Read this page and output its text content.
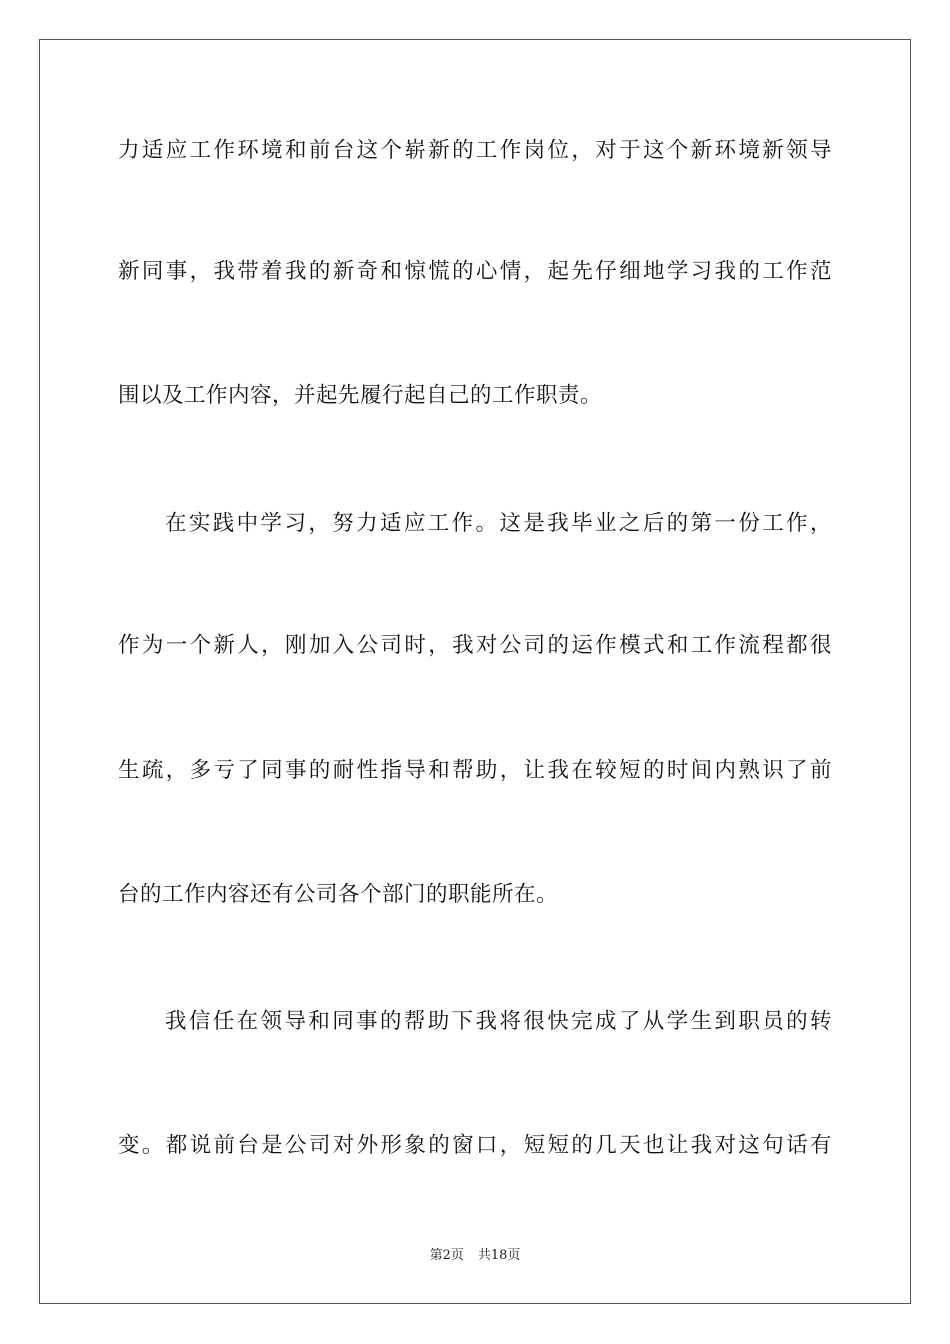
力适应工作环境和前台这个崭新的工作岗位，对于这个新环境新领导
新同事，我带着我的新奇和惊慌的心情，起先仔细地学习我的工作范
围以及工作内容，并起先履行起自己的工作职责。
在实践中学习，努力适应工作。这是我毕业之后的第一份工作，
作为一个新人，刚加入公司时，我对公司的运作模式和工作流程都很
生疏，多亏了同事的耐性指导和帮助，让我在较短的时间内熟识了前
台的工作内容还有公司各个部门的职能所在。
我信任在领导和同事的帮助下我将很快完成了从学生到职员的转
变。都说前台是公司对外形象的窗口，短短的几天也让我对这句话有
第2页 共18页
